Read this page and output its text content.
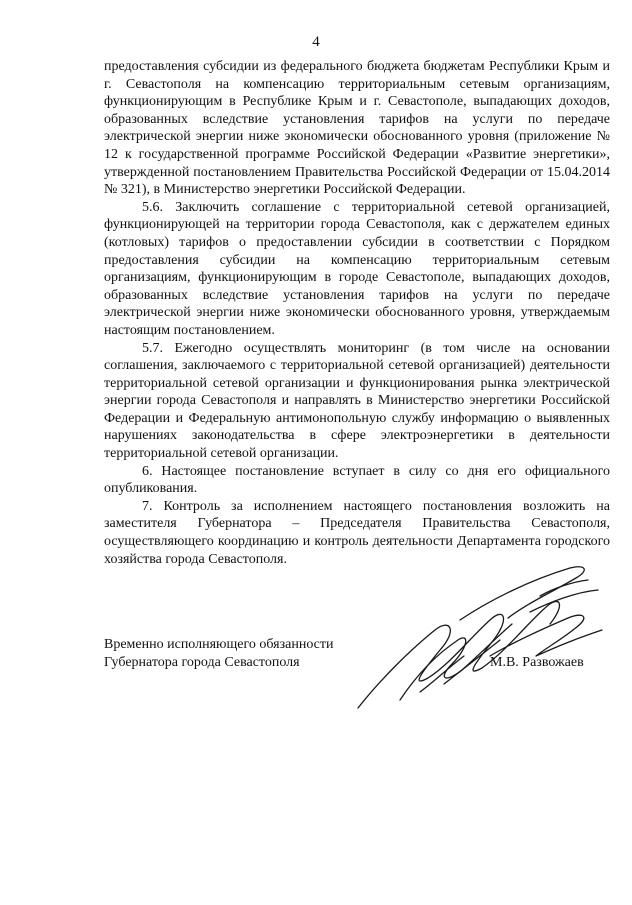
4

предоставления субсидии из федерального бюджета бюджетам Республики Крым и г. Севастополя на компенсацию территориальным сетевым организациям, функционирующим в Республике Крым и г. Севастополе, выпадающих доходов, образованных вследствие установления тарифов на услуги по передаче электрической энергии ниже экономически обоснованного уровня (приложение № 12 к государственной программе Российской Федерации «Развитие энергетики», утвержденной постановлением Правительства Российской Федерации от 15.04.2014 № 321), в Министерство энергетики Российской Федерации.

5.6. Заключить соглашение с территориальной сетевой организацией, функционирующей на территории города Севастополя, как с держателем единых (котловых) тарифов о предоставлении субсидии в соответствии с Порядком предоставления субсидии на компенсацию территориальным сетевым организациям, функционирующим в городе Севастополе, выпадающих доходов, образованных вследствие установления тарифов на услуги по передаче электрической энергии ниже экономически обоснованного уровня, утверждаемым настоящим постановлением.

5.7. Ежегодно осуществлять мониторинг (в том числе на основании соглашения, заключаемого с территориальной сетевой организацией) деятельности территориальной сетевой организации и функционирования рынка электрической энергии города Севастополя и направлять в Министерство энергетики Российской Федерации и Федеральную антимонопольную службу информацию о выявленных нарушениях законодательства в сфере электроэнергетики в деятельности территориальной сетевой организации.

6. Настоящее постановление вступает в силу со дня его официального опубликования.

7. Контроль за исполнением настоящего постановления возложить на заместителя Губернатора – Председателя Правительства Севастополя, осуществляющего координацию и контроль деятельности Департамента городского хозяйства города Севастополя.

Временно исполняющего обязанности
Губернатора города Севастополя	М.В. Развожаев
